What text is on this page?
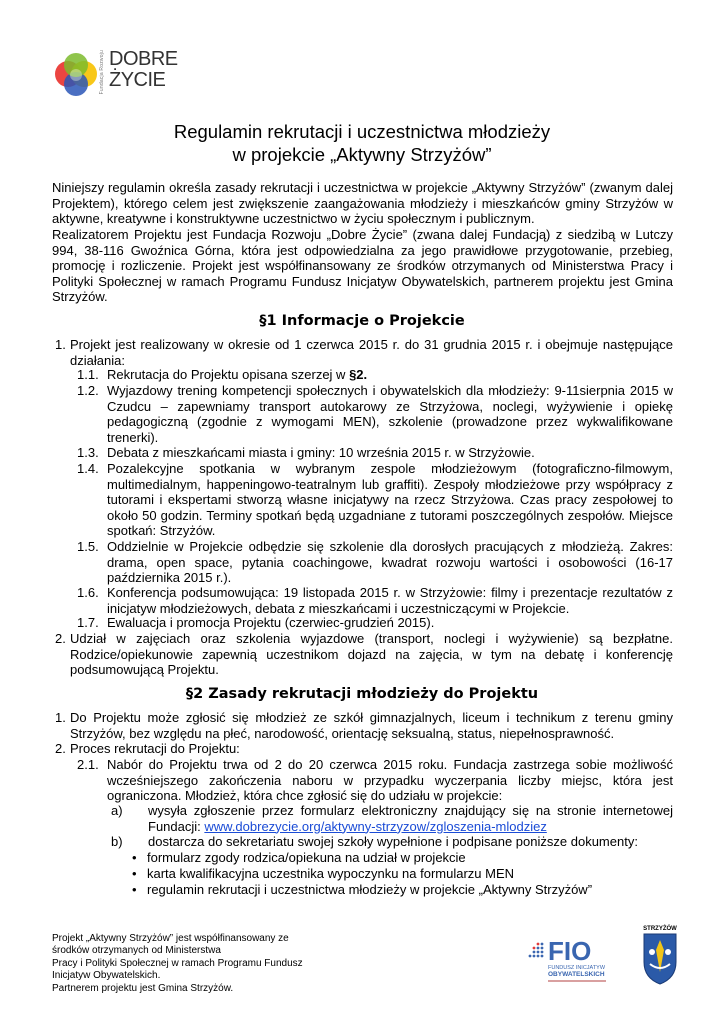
Fundacja Rozwoju DOBRE
ŻYCIE
Regulamin rekrutacji i uczestnictwa młodzieży
w projekcie „Aktywny Strzyżów”
Niniejszy regulamin określa zasady rekrutacji i uczestnictwa w projekcie „Aktywny Strzyżów” (zwanym dalej Projektem), którego celem jest zwiększenie zaangażowania młodzieży i mieszkańców gminy Strzyżów w aktywne, kreatywne i konstruktywne uczestnictwo w życiu społecznym i publicznym.
Realizatorem Projektu jest Fundacja Rozwoju „Dobre Życie” (zwana dalej Fundacją) z siedzibą w Lutczy 994, 38-116 Gwoźnica Górna, która jest odpowiedzialna za jego prawidłowe przygotowanie, przebieg, promocję i rozliczenie. Projekt jest współfinansowany ze środków otrzymanych od Ministerstwa Pracy i Polityki Społecznej w ramach Programu Fundusz Inicjatyw Obywatelskich, partnerem projektu jest Gmina Strzyżów.
§1 Informacje o Projekcie
1. Projekt jest realizowany w okresie od 1 czerwca 2015 r. do 31 grudnia 2015 r. i obejmuje następujące działania:
1.1. Rekrutacja do Projektu opisana szerzej w §2.
1.2. Wyjazdowy trening kompetencji społecznych i obywatelskich dla młodzieży: 9-11sierpnia 2015 w Czudcu – zapewniamy transport autokarowy ze Strzyżowa, noclegi, wyżywienie i opiekę pedagogiczną (zgodnie z wymogami MEN), szkolenie (prowadzone przez wykwalifikowane trenerki).
1.3. Debata z mieszkańcami miasta i gminy: 10 września 2015 r. w Strzyżowie.
1.4. Pozalekcyjne spotkania w wybranym zespole młodzieżowym (fotograficzno-filmowym, multimedialnym, happeningowo-teatralnym lub graffiti). Zespoły młodzieżowe przy współpracy z tutorami i ekspertami stworzą własne inicjatywy na rzecz Strzyżowa. Czas pracy zespołowej to około 50 godzin. Terminy spotkań będą uzgadniane z tutorami poszczególnych zespołów. Miejsce spotkań: Strzyżów.
1.5. Oddzielnie w Projekcie odbędzie się szkolenie dla dorosłych pracujących z młodzieżą. Zakres: drama, open space, pytania coachingowe, kwadrat rozwoju wartości i osobowości (16-17 października 2015 r.).
1.6. Konferencja podsumowująca: 19 listopada 2015 r. w Strzyżowie: filmy i prezentacje rezultatów z inicjatyw młodzieżowych, debata z mieszkańcami i uczestniczącymi w Projekcie.
1.7. Ewaluacja i promocja Projektu (czerwiec-grudzień 2015).
2. Udział w zajęciach oraz szkolenia wyjazdowe (transport, noclegi i wyżywienie) są bezpłatne. Rodzice/opiekunowie zapewnią uczestnikom dojazd na zajęcia, w tym na debatę i konferencję podsumowującą Projektu.
§2 Zasady rekrutacji młodzieży do Projektu
1. Do Projektu może zgłosić się młodzież ze szkół gimnazjalnych, liceum i technikum z terenu gminy Strzyżów, bez względu na płeć, narodowość, orientację seksualną, status, niepełnosprawność.
2. Proces rekrutacji do Projektu:
2.1. Nabór do Projektu trwa od 2 do 20 czerwca 2015 roku. Fundacja zastrzega sobie możliwość wcześniejszego zakończenia naboru w przypadku wyczerpania liczby miejsc, która jest ograniczona. Młodzież, która chce zgłosić się do udziału w projekcie:
a) wysyła zgłoszenie przez formularz elektroniczny znajdujący się na stronie internetowej Fundacji: www.dobrezycie.org/aktywny-strzyzow/zgloszenia-mlodziez
b) dostarcza do sekretariatu swojej szkoły wypełnione i podpisane poniższe dokumenty:
• formularz zgody rodzica/opiekuna na udział w projekcie
• karta kwalifikacyjna uczestnika wypoczynku na formularzu MEN
• regulamin rekrutacji i uczestnictwa młodzieży w projekcie „Aktywny Strzyżów”
Projekt „Aktywny Strzyżów” jest współfinansowany ze środków otrzymanych od Ministerstwa
Pracy i Polityki Społecznej w ramach Programu Fundusz Inicjatyw Obywatelskich.
Partnerem projektu jest Gmina Strzyżów.
FIO
FUNDUSZ INICJATYW
OBYWATELSKICH
STRZYŻÓW
